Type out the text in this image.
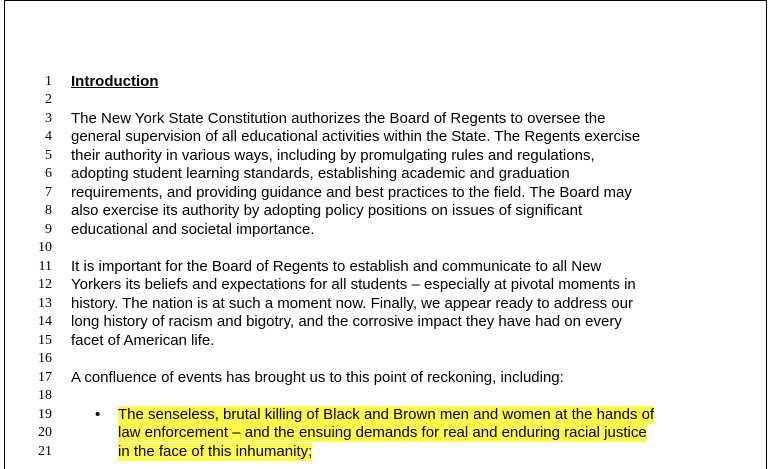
1 Introduction
2
3 The New York State Constitution authorizes the Board of Regents to oversee the
4 general supervision of all educational activities within the State. The Regents exercise
5 their authority in various ways, including by promulgating rules and regulations,
6 adopting student learning standards, establishing academic and graduation
7 requirements, and providing guidance and best practices to the field. The Board may
8 also exercise its authority by adopting policy positions on issues of significant
9 educational and societal importance.
10
11 It is important for the Board of Regents to establish and communicate to all New
12 Yorkers its beliefs and expectations for all students – especially at pivotal moments in
13 history. The nation is at such a moment now. Finally, we appear ready to address our
14 long history of racism and bigotry, and the corrosive impact they have had on every
15 facet of American life.
16
17 A confluence of events has brought us to this point of reckoning, including:
18
19	• The senseless, brutal killing of Black and Brown men and women at the hands of
20	law enforcement – and the ensuing demands for real and enduring racial justice
21	in the face of this inhumanity;
